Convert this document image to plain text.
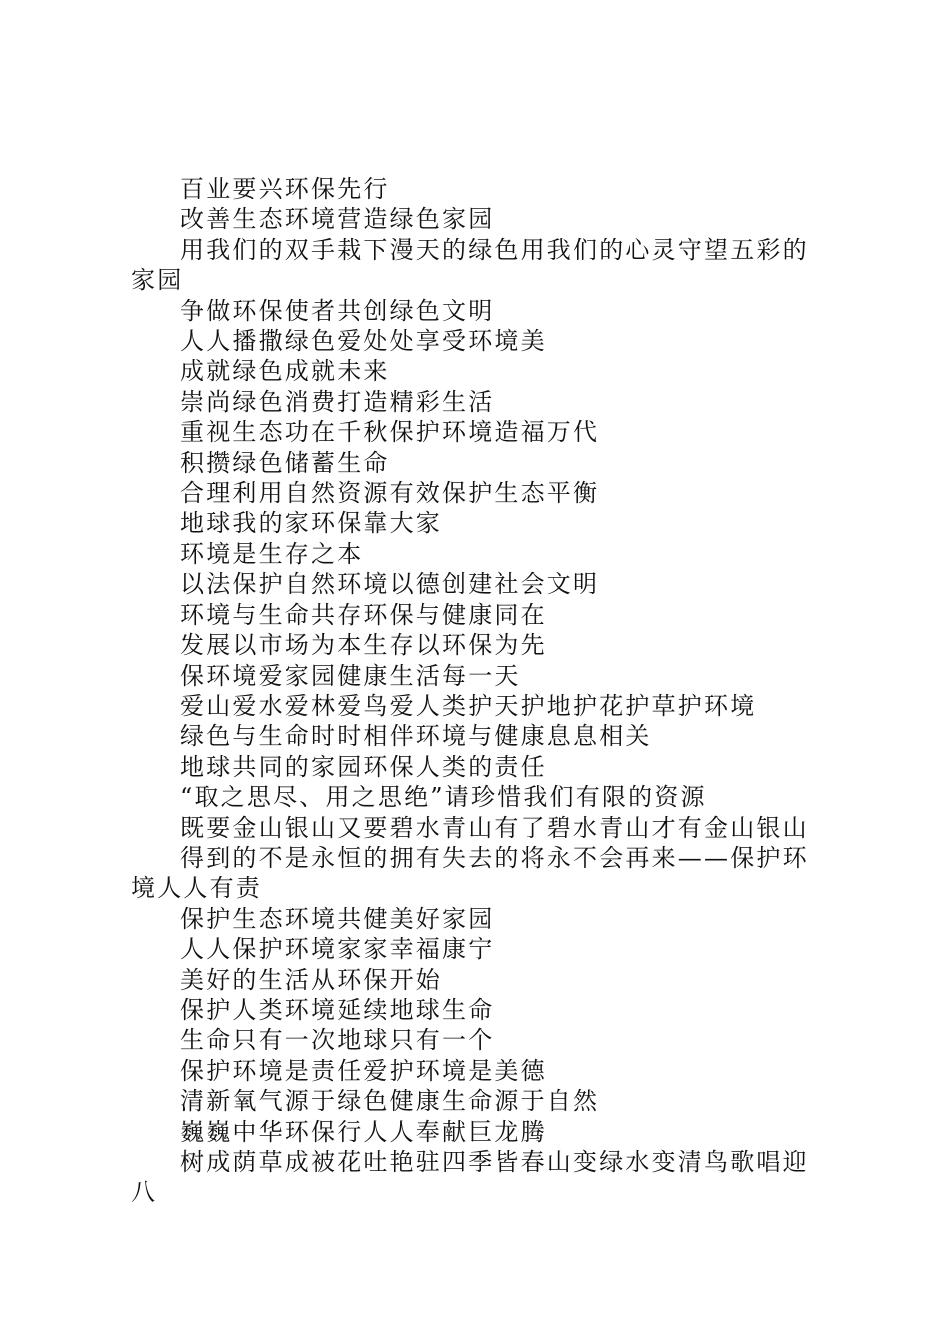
百业要兴环保先行

改善生态环境营造绿色家园

用我们的双手栽下漫天的绿色用我们的心灵守望五彩的家园

争做环保使者共创绿色文明

人人播撒绿色爱处处享受环境美

成就绿色成就未来

崇尚绿色消费打造精彩生活

重视生态功在千秋保护环境造福万代

积攒绿色储蓄生命

合理利用自然资源有效保护生态平衡

地球我的家环保靠大家

环境是生存之本

以法保护自然环境以德创建社会文明

环境与生命共存环保与健康同在

发展以市场为本生存以环保为先

保环境爱家园健康生活每一天

爱山爱水爱林爱鸟爱人类护天护地护花护草护环境

绿色与生命时时相伴环境与健康息息相关

地球共同的家园环保人类的责任

“取之思尽、用之思绝”请珍惜我们有限的资源

既要金山银山又要碧水青山有了碧水青山才有金山银山

得到的不是永恒的拥有失去的将永不会再来——保护环境人人有责

保护生态环境共健美好家园

人人保护环境家家幸福康宁

美好的生活从环保开始

保护人类环境延续地球生命

生命只有一次地球只有一个

保护环境是责任爱护环境是美德

清新氧气源于绿色健康生命源于自然

巍巍中华环保行人人奉献巨龙腾

树成荫草成被花吐艳驻四季皆春山变绿水变清鸟歌唱迎八
